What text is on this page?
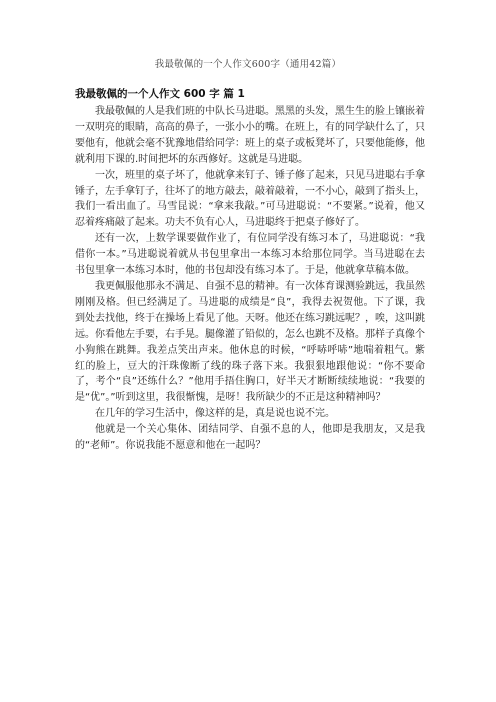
我最敬佩的一个人作文600字（通用42篇）
我最敬佩的一个人作文 600 字 篇 1

我最敬佩的人是我们班的中队长马进聪。黑黑的头发，黑生生的脸上镶嵌着一双明亮的眼睛，高高的鼻子，一张小小的嘴。在班上，有的同学缺什么了，只要他有，他就会毫不犹豫地借给同学：班上的桌子或板凳坏了，只要他能修，他就利用下课的.时间把坏的东西修好。这就是马进聪。

一次，班里的桌子坏了，他就拿来钉子、锤子修了起来，只见马进聪右手拿锤子，左手拿钉子，往坏了的地方敲去，敲着敲着，一不小心，敲到了指头上，我们一看出血了。马雪昆说：“拿来我敲。”可马进聪说：“不要紧。”说着，他又忍着疼痛敲了起来。功夫不负有心人，马进聪终于把桌子修好了。

还有一次，上数学课要做作业了，有位同学没有练习本了，马进聪说：“我借你一本。”马进聪说着就从书包里拿出一本练习本给那位同学。当马进聪在去书包里拿一本练习本时，他的书包却没有练习本了。于是，他就拿草稿本做。

我更佩服他那永不满足、自强不息的精神。有一次体育课测验跳远，我虽然刚刚及格。但已经满足了。马进聪的成绩是“良”，我得去祝贺他。下了课，我到处去找他，终于在操场上看见了他。天呀。他还在练习跳远呢？，唉，这叫跳远。你看他左手要，右手晃。腿像灌了铅似的，怎么也跳不及格。那样子真像个小狗熊在跳舞。我差点笑出声来。他休息的时候，“呼哧呼哧”地喘着粗气。紫红的脸上，豆大的汗珠像断了线的珠子落下来。我狠狠地跟他说：“你不要命了，考个“良”还练什么？”他用手捂住胸口，好半天才断断续续地说：“我要的是“优”。”听到这里，我很惭愧，是呀！我所缺少的不正是这种精神吗？

在几年的学习生活中，像这样的是，真是说也说不完。

他就是一个关心集体、团结同学、自强不息的人，他即是我朋友，又是我的“老师”。你说我能不愿意和他在一起吗？
